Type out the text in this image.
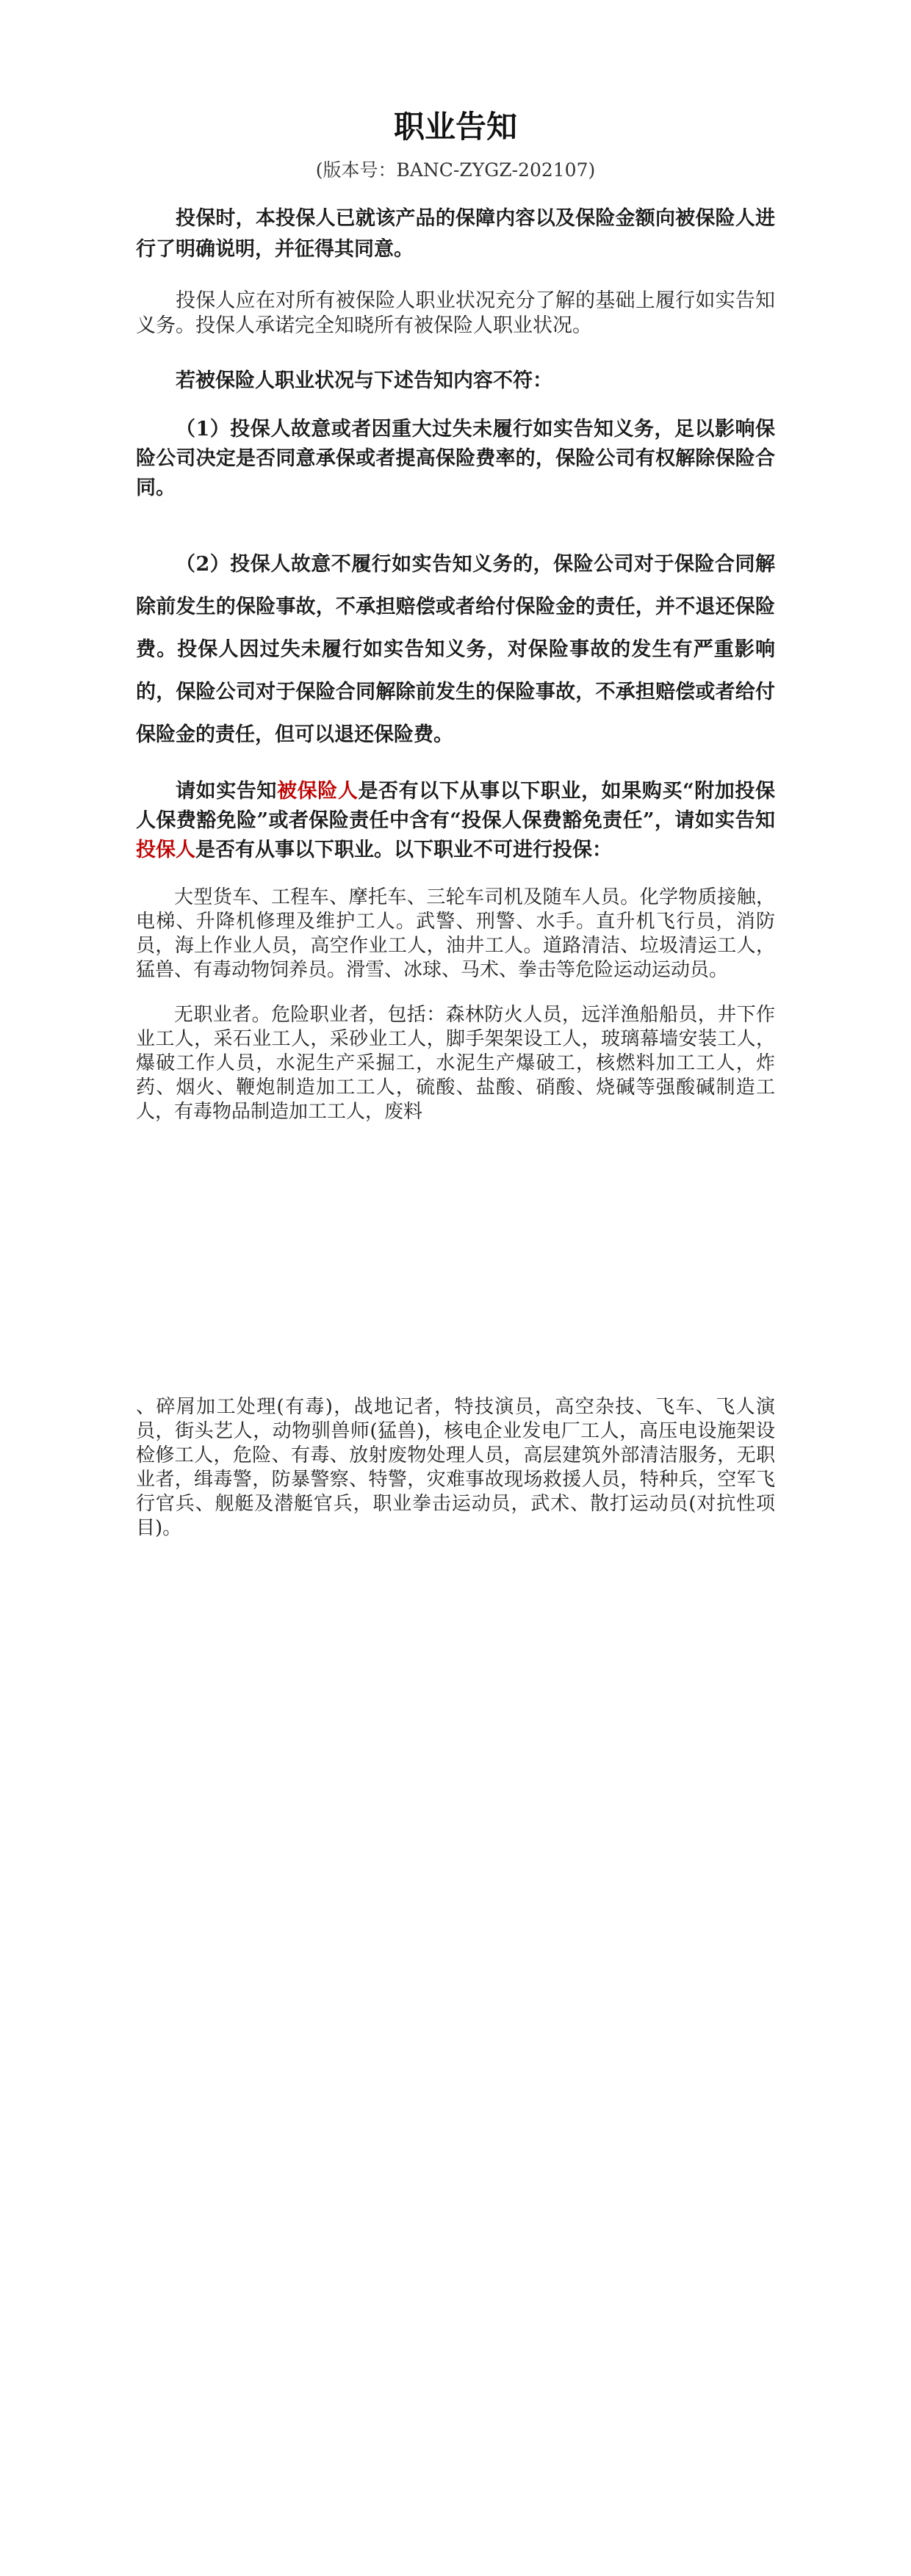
职业告知
(版本号：BANC-ZYGZ-202107)

投保时，本投保人已就该产品的保障内容以及保险金额向被保险人进行了明确说明，并征得其同意。

投保人应在对所有被保险人职业状况充分了解的基础上履行如实告知义务。投保人承诺完全知晓所有被保险人职业状况。

若被保险人职业状况与下述告知内容不符：

（1）投保人故意或者因重大过失未履行如实告知义务，足以影响保险公司决定是否同意承保或者提高保险费率的，保险公司有权解除保险合同。

（2）投保人故意不履行如实告知义务的，保险公司对于保险合同解除前发生的保险事故，不承担赔偿或者给付保险金的责任，并不退还保险费。投保人因过失未履行如实告知义务，对保险事故的发生有严重影响的，保险公司对于保险合同解除前发生的保险事故，不承担赔偿或者给付保险金的责任，但可以退还保险费。

请如实告知被保险人是否有以下从事以下职业，如果购买“附加投保人保费豁免险”或者保险责任中含有“投保人保费豁免责任”，请如实告知投保人是否有从事以下职业。以下职业不可进行投保：

大型货车、工程车、摩托车、三轮车司机及随车人员。化学物质接触，电梯、升降机修理及维护工人。武警、刑警、水手。直升机飞行员，消防员，海上作业人员，高空作业工人，油井工人。道路清洁、垃圾清运工人，猛兽、有毒动物饲养员。滑雪、冰球、马术、拳击等危险运动运动员。

无职业者。危险职业者，包括：森林防火人员，远洋渔船船员，井下作业工人，采石业工人，采砂业工人，脚手架架设工人，玻璃幕墙安装工人，爆破工作人员，水泥生产采掘工，水泥生产爆破工，核燃料加工工人，炸药、烟火、鞭炮制造加工工人，硫酸、盐酸、硝酸、烧碱等强酸碱制造工人，有毒物品制造加工工人，废料

、碎屑加工处理(有毒)，战地记者，特技演员，高空杂技、飞车、飞人演员，街头艺人，动物驯兽师(猛兽)，核电企业发电厂工人，高压电设施架设检修工人，危险、有毒、放射废物处理人员，高层建筑外部清洁服务，无职业者，缉毒警，防暴警察、特警，灾难事故现场救援人员，特种兵，空军飞行官兵、舰艇及潜艇官兵，职业拳击运动员，武术、散打运动员(对抗性项目)。
